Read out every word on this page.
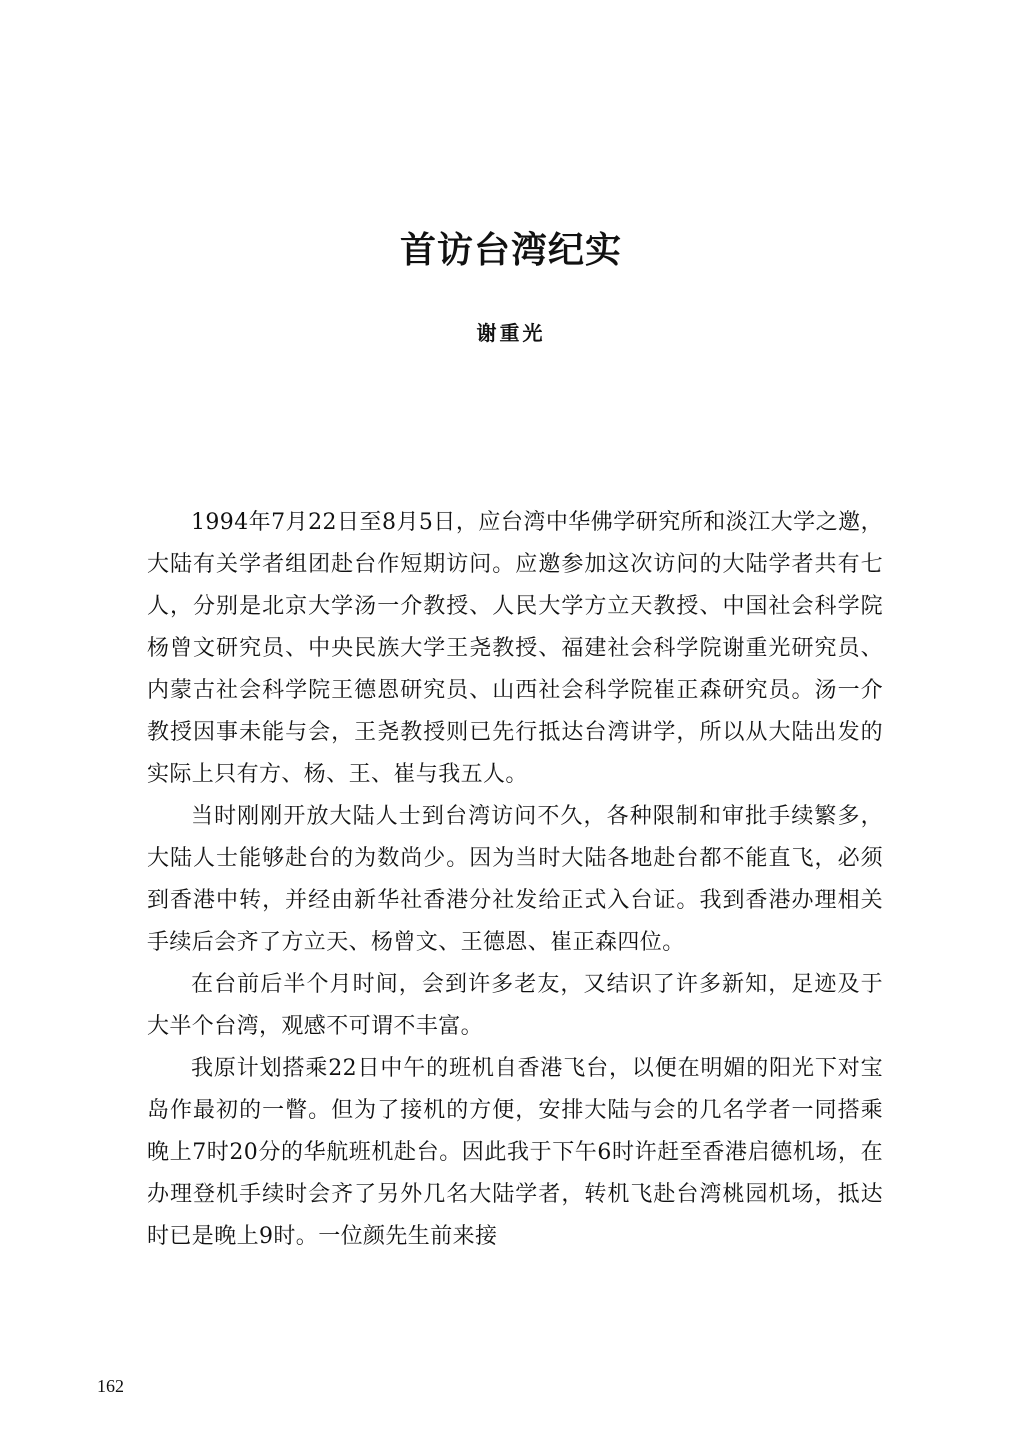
首访台湾纪实
谢重光

1994年7月22日至8月5日，应台湾中华佛学研究所和淡江大学之邀，大陆有关学者组团赴台作短期访问。应邀参加这次访问的大陆学者共有七人，分别是北京大学汤一介教授、人民大学方立天教授、中国社会科学院杨曾文研究员、中央民族大学王尧教授、福建社会科学院谢重光研究员、内蒙古社会科学院王德恩研究员、山西社会科学院崔正森研究员。汤一介教授因事未能与会，王尧教授则已先行抵达台湾讲学，所以从大陆出发的实际上只有方、杨、王、崔与我五人。

当时刚刚开放大陆人士到台湾访问不久，各种限制和审批手续繁多，大陆人士能够赴台的为数尚少。因为当时大陆各地赴台都不能直飞，必须到香港中转，并经由新华社香港分社发给正式入台证。我到香港办理相关手续后会齐了方立天、杨曾文、王德恩、崔正森四位。

在台前后半个月时间，会到许多老友，又结识了许多新知，足迹及于大半个台湾，观感不可谓不丰富。

我原计划搭乘22日中午的班机自香港飞台，以便在明媚的阳光下对宝岛作最初的一瞥。但为了接机的方便，安排大陆与会的几名学者一同搭乘晚上7时20分的华航班机赴台。因此我于下午6时许赶至香港启德机场，在办理登机手续时会齐了另外几名大陆学者，转机飞赴台湾桃园机场，抵达时已是晚上9时。一位颜先生前来接

162
